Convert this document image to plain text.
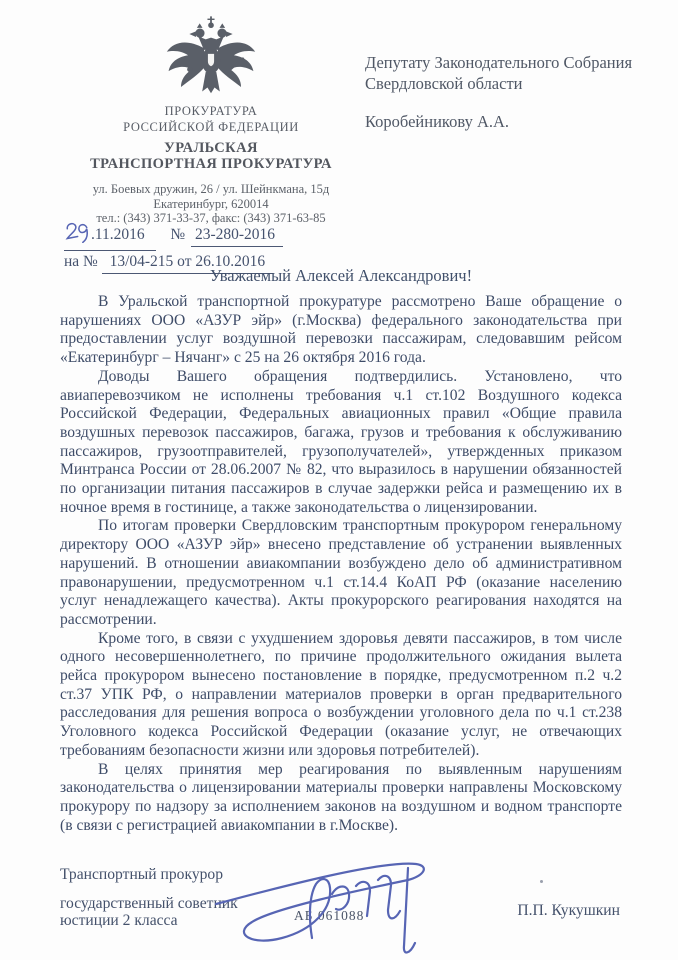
ПРОКУРАТУРА
РОССИЙСКОЙ ФЕДЕРАЦИИ
УРАЛЬСКАЯ
ТРАНСПОРТНАЯ ПРОКУРАТУРА
ул. Боевых дружин, 26 / ул. Шейнкмана, 15д
Екатеринбург, 620014
тел.: (343) 371-33-37, факс: (343) 371-63-85
Депутату Законодательного Собрания
Свердловской области
Коробейникову А.А.
.11.2016 № 23-280-2016
на № 13/04-215 от 26.10.2016
Уважаемый Алексей Александрович!

В Уральской транспортной прокуратуре рассмотрено Ваше обращение о нарушениях ООО «АЗУР эйр» (г.Москва) федерального законодательства при предоставлении услуг воздушной перевозки пассажирам, следовавшим рейсом «Екатеринбург – Нячанг» с 25 на 26 октября 2016 года.

Доводы Вашего обращения подтвердились. Установлено, что авиаперевозчиком не исполнены требования ч.1 ст.102 Воздушного кодекса Российской Федерации, Федеральных авиационных правил «Общие правила воздушных перевозок пассажиров, багажа, грузов и требования к обслуживанию пассажиров, грузоотправителей, грузополучателей», утвержденных приказом Минтранса России от 28.06.2007 № 82, что выразилось в нарушении обязанностей по организации питания пассажиров в случае задержки рейса и размещению их в ночное время в гостинице, а также законодательства о лицензировании.

По итогам проверки Свердловским транспортным прокурором генеральному директору ООО «АЗУР эйр» внесено представление об устранении выявленных нарушений. В отношении авиакомпании возбуждено дело об административном правонарушении, предусмотренном ч.1 ст.14.4 КоАП РФ (оказание населению услуг ненадлежащего качества). Акты прокурорского реагирования находятся на рассмотрении.

Кроме того, в связи с ухудшением здоровья девяти пассажиров, в том числе одного несовершеннолетнего, по причине продолжительного ожидания вылета рейса прокурором вынесено постановление в порядке, предусмотренном п.2 ч.2 ст.37 УПК РФ, о направлении материалов проверки в орган предварительного расследования для решения вопроса о возбуждении уголовного дела по ч.1 ст.238 Уголовного кодекса Российской Федерации (оказание услуг, не отвечающих требованиям безопасности жизни или здоровья потребителей).

В целях принятия мер реагирования по выявленным нарушениям законодательства о лицензировании материалы проверки направлены Московскому прокурору по надзору за исполнением законов на воздушном и водном транспорте (в связи с регистрацией авиакомпании в г.Москве).

Транспортный прокурор
государственный советник
юстиции 2 класса	АБ 061088	П.П. Кукушкин
